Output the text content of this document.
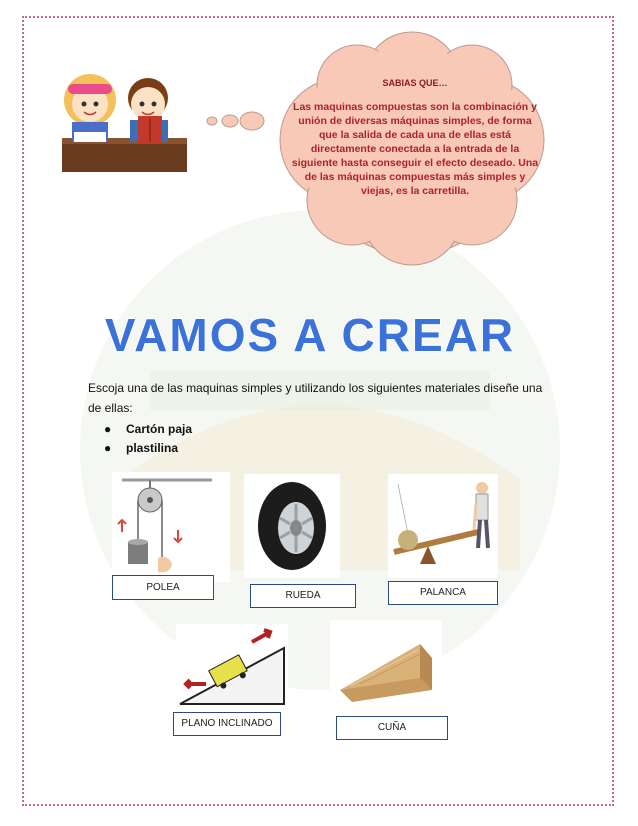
SABIAS QUE…
Las maquinas compuestas son la combinación y unión de diversas máquinas simples, de forma que la salida de cada una de ellas está directamente conectada a la entrada de la siguiente hasta conseguir el efecto deseado. Una de las máquinas compuestas más simples y viejas, es la carretilla.
VAMOS A CREAR
Escoja una de las maquinas simples y utilizando los siguientes materiales diseñe una de ellas:
● Cartón paja
● plastilina
POLEA
RUEDA	PALANCA
PLANO INCLINADO	CUÑA
